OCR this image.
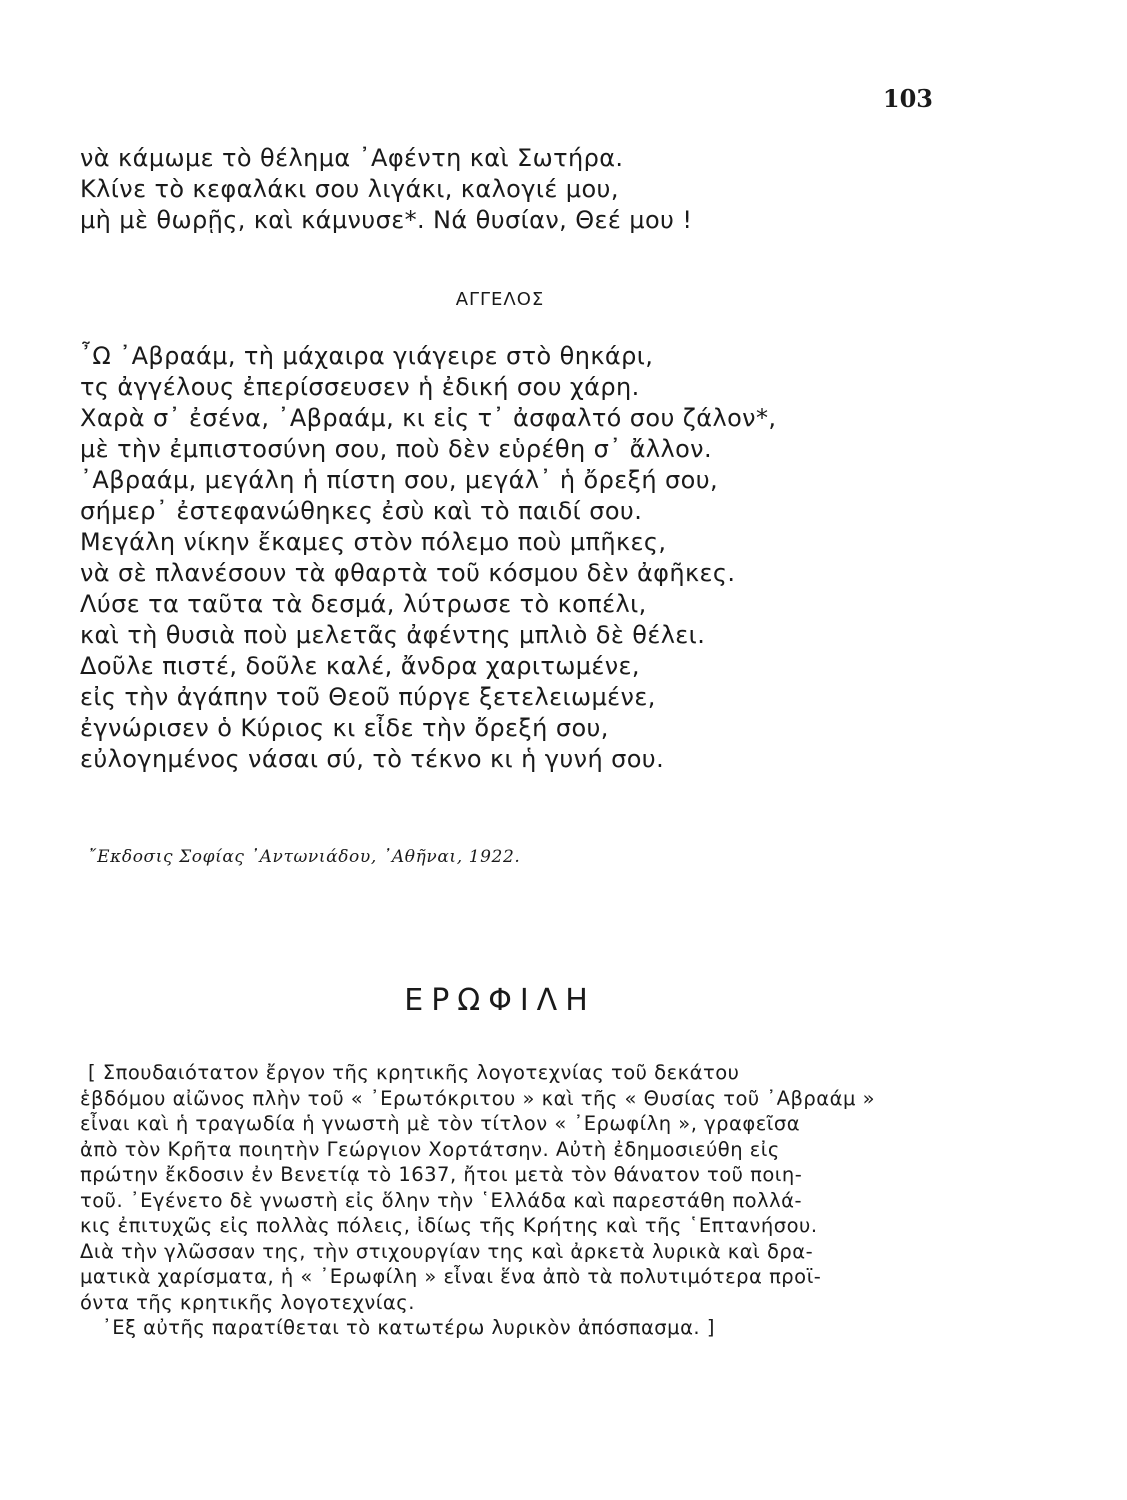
103
νὰ κάμωμε τὸ θέλημα ᾿Αφέντη καὶ Σωτήρα.
Κλίνε τὸ κεφαλάκι σου λιγάκι, καλογιέ μου,
μὴ μὲ θωρῇς, καὶ κάμνυσε*. Νά θυσίαν, Θεέ μου !
ΑΓΓΕΛΟΣ
῏Ω ᾿Αβραάμ, τὴ μάχαιρα γιάγειρε στὸ θηκάρι,
τς ἀγγέλους ἐπερίσσευσεν ἡ ἐδική σου χάρη.
Χαρὰ σ᾿ ἐσένα, ᾿Αβραάμ, κι εἰς τ᾿ ἀσφαλτό σου ζάλον*,
μὲ τὴν ἐμπιστοσύνη σου, ποὺ δὲν εὑρέθη σ᾿ ἄλλον.
᾿Αβραάμ, μεγάλη ἡ πίστη σου, μεγάλ᾿ ἡ ὄρεξή σου,
σήμερ᾿ ἐστεφανώθηκες ἐσὺ καὶ τὸ παιδί σου.
Μεγάλη νίκην ἔκαμες στὸν πόλεμο ποὺ μπῆκες,
νὰ σὲ πλανέσουν τὰ φθαρτὰ τοῦ κόσμου δὲν ἀφῆκες.
Λύσε τα ταῦτα τὰ δεσμά, λύτρωσε τὸ κοπέλι,
καὶ τὴ θυσιὰ ποὺ μελετᾶς ἀφέντης μπλιὸ δὲ θέλει.
Δοῦλε πιστέ, δοῦλε καλέ, ἄνδρα χαριτωμένε,
εἰς τὴν ἀγάπην τοῦ Θεοῦ πύργε ξετελειωμένε,
ἐγνώρισεν ὁ Κύριος κι εἶδε τὴν ὄρεξή σου,
εὐλογημένος νάσαι σύ, τὸ τέκνο κι ἡ γυνή σου.
῎Εκδοσις Σοφίας ᾿Αντωνιάδου, ᾿Αθῆναι, 1922.
ΕΡΩΦΙΛΗ
[ Σπουδαιότατον ἔργον τῆς κρητικῆς λογοτεχνίας τοῦ δεκάτου
ἑβδόμου αἰῶνος πλὴν τοῦ « ᾿Ερωτόκριτου » καὶ τῆς « Θυσίας τοῦ ᾿Αβραάμ »
εἶναι καὶ ἡ τραγωδία ἡ γνωστὴ μὲ τὸν τίτλον « ᾿Ερωφίλη », γραφεῖσα
ἀπὸ τὸν Κρῆτα ποιητὴν Γεώργιον Χορτάτσην. Αὐτὴ ἐδημοσιεύθη εἰς
πρώτην ἔκδοσιν ἐν Βενετίᾳ τὸ 1637, ἤτοι μετὰ τὸν θάνατον τοῦ ποιη-
τοῦ. ᾿Εγένετο δὲ γνωστὴ εἰς ὅλην τὴν ῾Ελλάδα καὶ παρεστάθη πολλά-
κις ἐπιτυχῶς εἰς πολλὰς πόλεις, ἰδίως τῆς Κρήτης καὶ τῆς ῾Επτανήσου.
Διὰ τὴν γλῶσσαν της, τὴν στιχουργίαν της καὶ ἀρκετὰ λυρικὰ καὶ δρα-
ματικὰ χαρίσματα, ἡ « ᾿Ερωφίλη » εἶναι ἕνα ἀπὸ τὰ πολυτιμότερα προϊ-
όντα τῆς κρητικῆς λογοτεχνίας.
᾿Εξ αὐτῆς παρατίθεται τὸ κατωτέρω λυρικὸν ἀπόσπασμα. ]
